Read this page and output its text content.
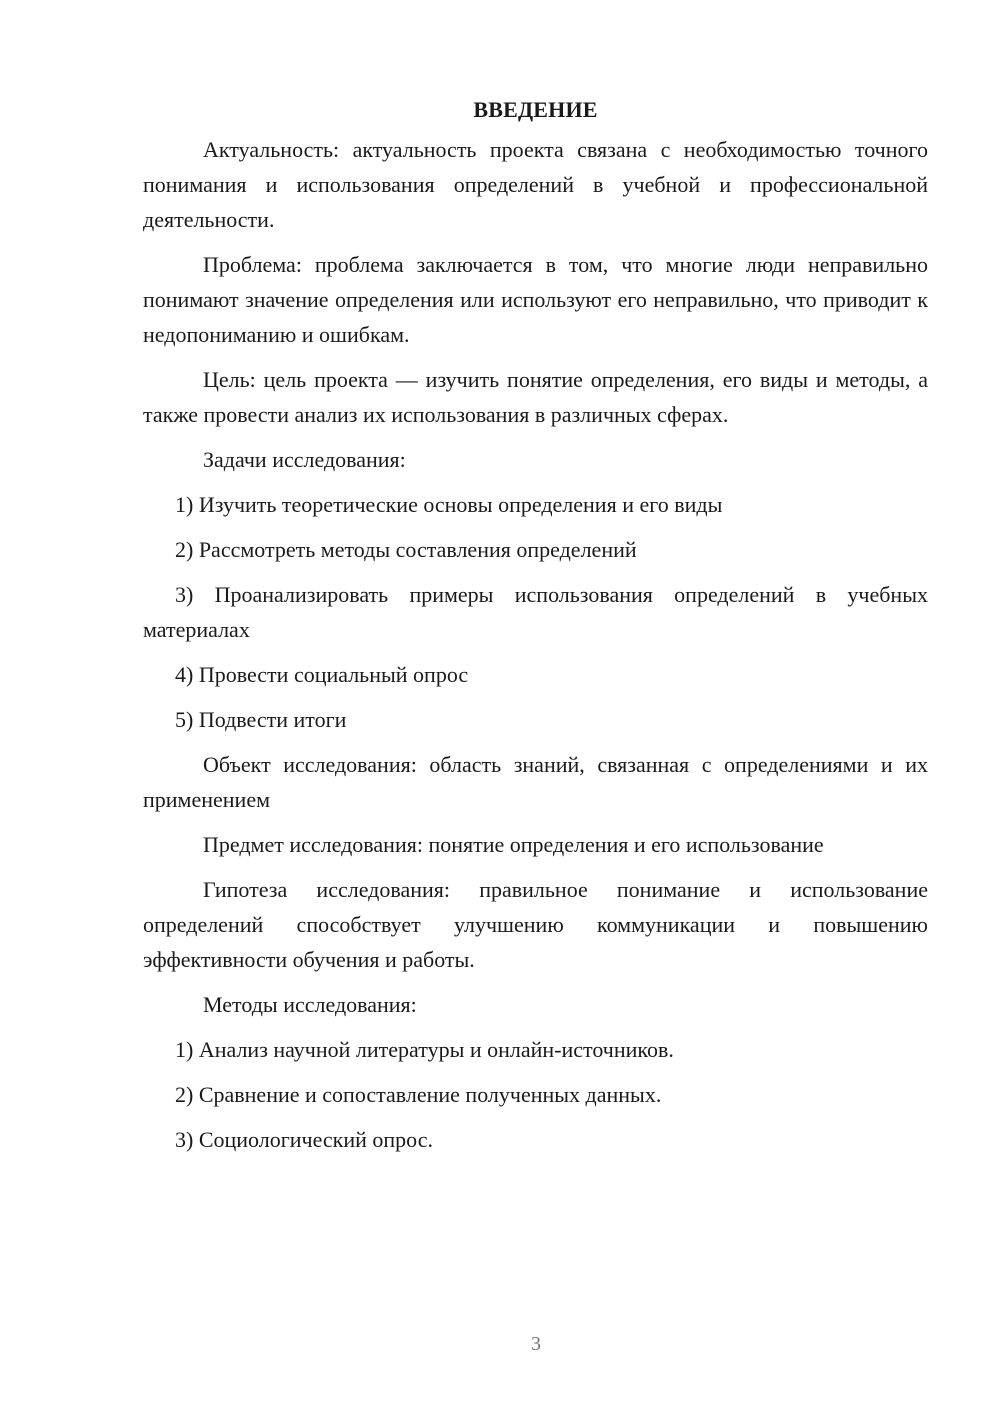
ВВЕДЕНИЕ

Актуальность: актуальность проекта связана с необходимостью точного понимания и использования определений в учебной и профессиональной деятельности.

Проблема: проблема заключается в том, что многие люди неправильно понимают значение определения или используют его неправильно, что приводит к недопониманию и ошибкам.

Цель: цель проекта — изучить понятие определения, его виды и методы, а также провести анализ их использования в различных сферах.

Задачи исследования:

1) Изучить теоретические основы определения и его виды

2) Рассмотреть методы составления определений

3) Проанализировать примеры использования определений в учебных материалах

4) Провести социальный опрос

5) Подвести итоги

Объект исследования: область знаний, связанная с определениями и их применением

Предмет исследования: понятие определения и его использование

Гипотеза исследования: правильное понимание и использование определений способствует улучшению коммуникации и повышению эффективности обучения и работы.

Методы исследования:

1) Анализ научной литературы и онлайн-источников.

2) Сравнение и сопоставление полученных данных.

3) Социологический опрос.

3
